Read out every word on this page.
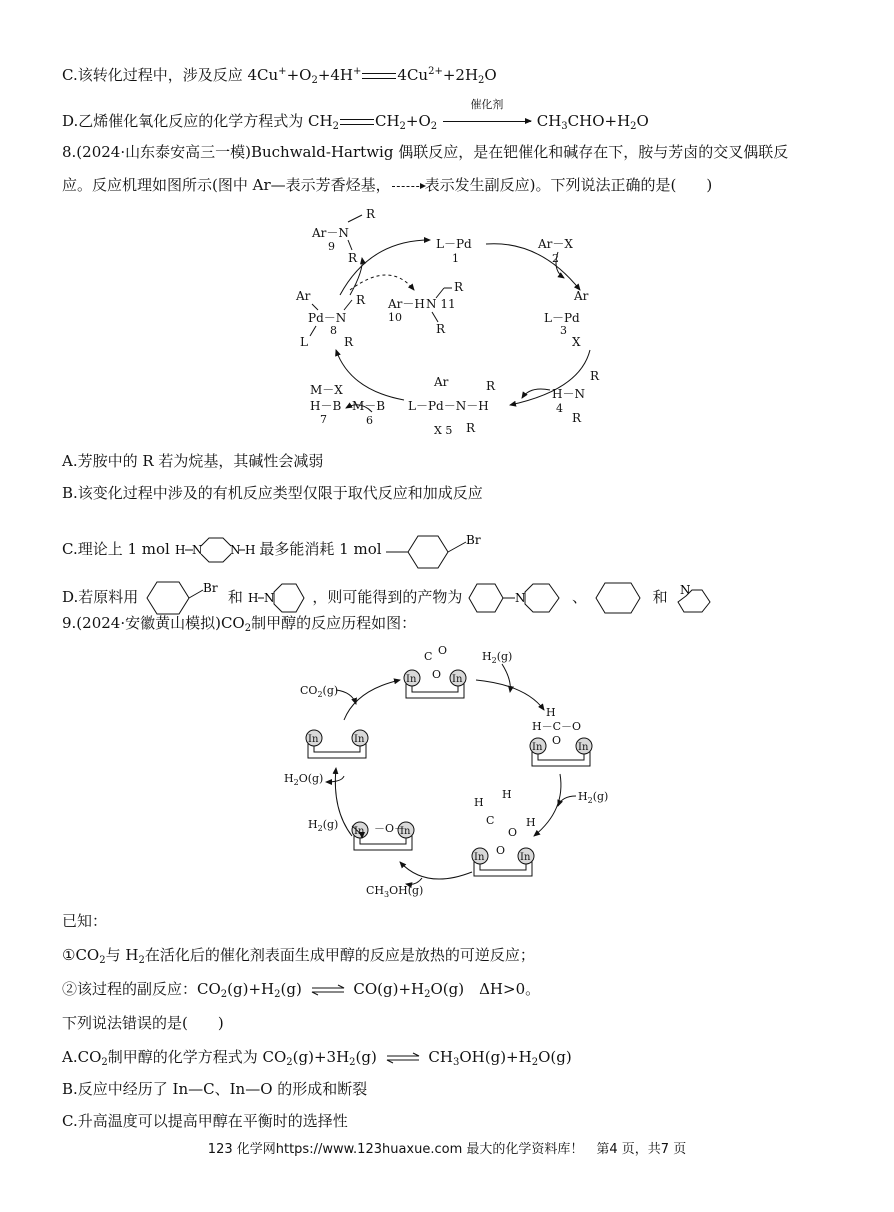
C.该转化过程中，涉及反应 $4Cu^++O_2+4H^+$ $4Cu^{2+}+2H_2O$
D.乙烯催化氧化反应的化学方程式为 $CH_2$ $CH_2+O_2$
催化剂
$CH_3CHO+H_2O$
8.(2024·山东泰安高三一模)Buchwald-Hartwig 偶联反应，是在钯催化和碱存在下，胺与芳卤的交叉偶联反
应。反应机理如图所示(图中 Ar—表示芳香烃基， 表示发生副反应)。下列说法正确的是(　　)
Ar－N
9
R
R
L－Pd
1
Ar－X
2
Ar－H
10
N 11
R
R
Ar
Pd－N
8
R
L	R
Ar
L－Pd
3
X
R
H－N
4
R
Ar
L－Pd－N－H
R
X 5 R
M－B
6
M－X
H－B
7
A.芳胺中的 R 若为烷基，其碱性会减弱
B.该变化过程中涉及的有机反应类型仅限于取代反应和加成反应
C.理论上 1 mol H N N H 最多能消耗 1 mol	Br
D.若原料用	Br 和 H N	，则可能得到的产物为	N	、	和 N
9.(2024·安徽黄山模拟)$CO_2$制甲醇的反应历程如图：
In	In
C O
O
H
H－C－O
O
H
H
C
O
H
O
－O－
$CO_2(g)$
$H_2(g)$
$H_2(g)$
$H_2(g)$
$H_2O(g)$
$CH_3OH(g)$
已知：
$①CO_2$与 $H_2$在活化后的催化剂表面生成甲醇的反应是放热的可逆反应；
②该过程的副反应：$CO_2(g)+H_2(g)$ ⇌ $CO(g)+H_2O(g)$　ΔH>0。
下列说法错误的是(　　)
$A.CO_2$制甲醇的化学方程式为 $CO_2(g)+3H_2(g)$ ⇌ $CH_3OH(g)+H_2O(g)$
B.反应中经历了 In—C、In—O 的形成和断裂
C.升高温度可以提高甲醇在平衡时的选择性
123 化学网https://www.123huaxue.com 最大的化学资料库！　第4 页，共7 页
